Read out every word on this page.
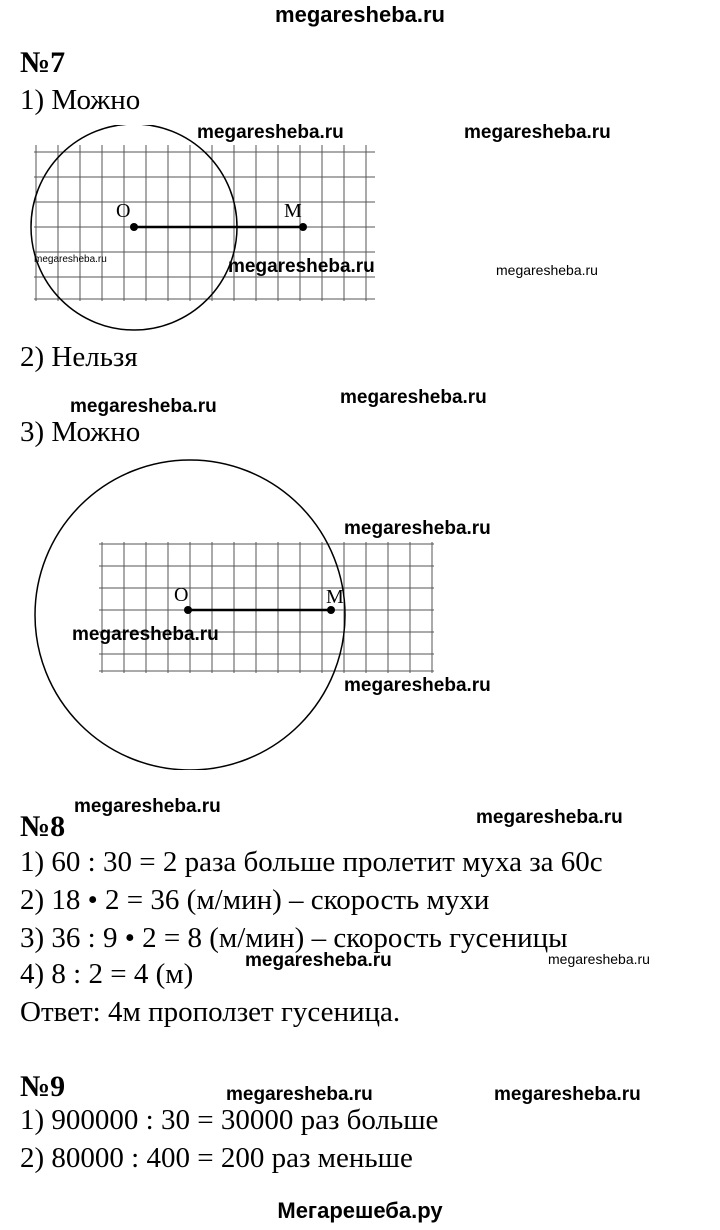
megaresheba.ru
№7
1) Можно
O	M
2) Нельзя
3) Можно
O	M
№8
1) 60 : 30 = 2 раза больше пролетит муха за 60с
2) 18 • 2 = 36 (м/мин) – скорость мухи
3) 36 : 9 • 2 = 8 (м/мин) – скорость гусеницы
4) 8 : 2 = 4 (м)
Ответ: 4м проползет гусеница.
№9
1) 900000 : 30 = 30000 раз больше
2) 80000 : 400 = 200 раз меньше
megaresheba.ru	megaresheba.ru
megaresheba.ru	megaresheba.ru	megaresheba.ru
megaresheba.ru
megaresheba.ru
megaresheba.ru
megaresheba.ru
megaresheba.ru
megaresheba.ru
megaresheba.ru
megaresheba.ru	megaresheba.ru
megaresheba.ru	megaresheba.ru
Мегарешеба.ру
